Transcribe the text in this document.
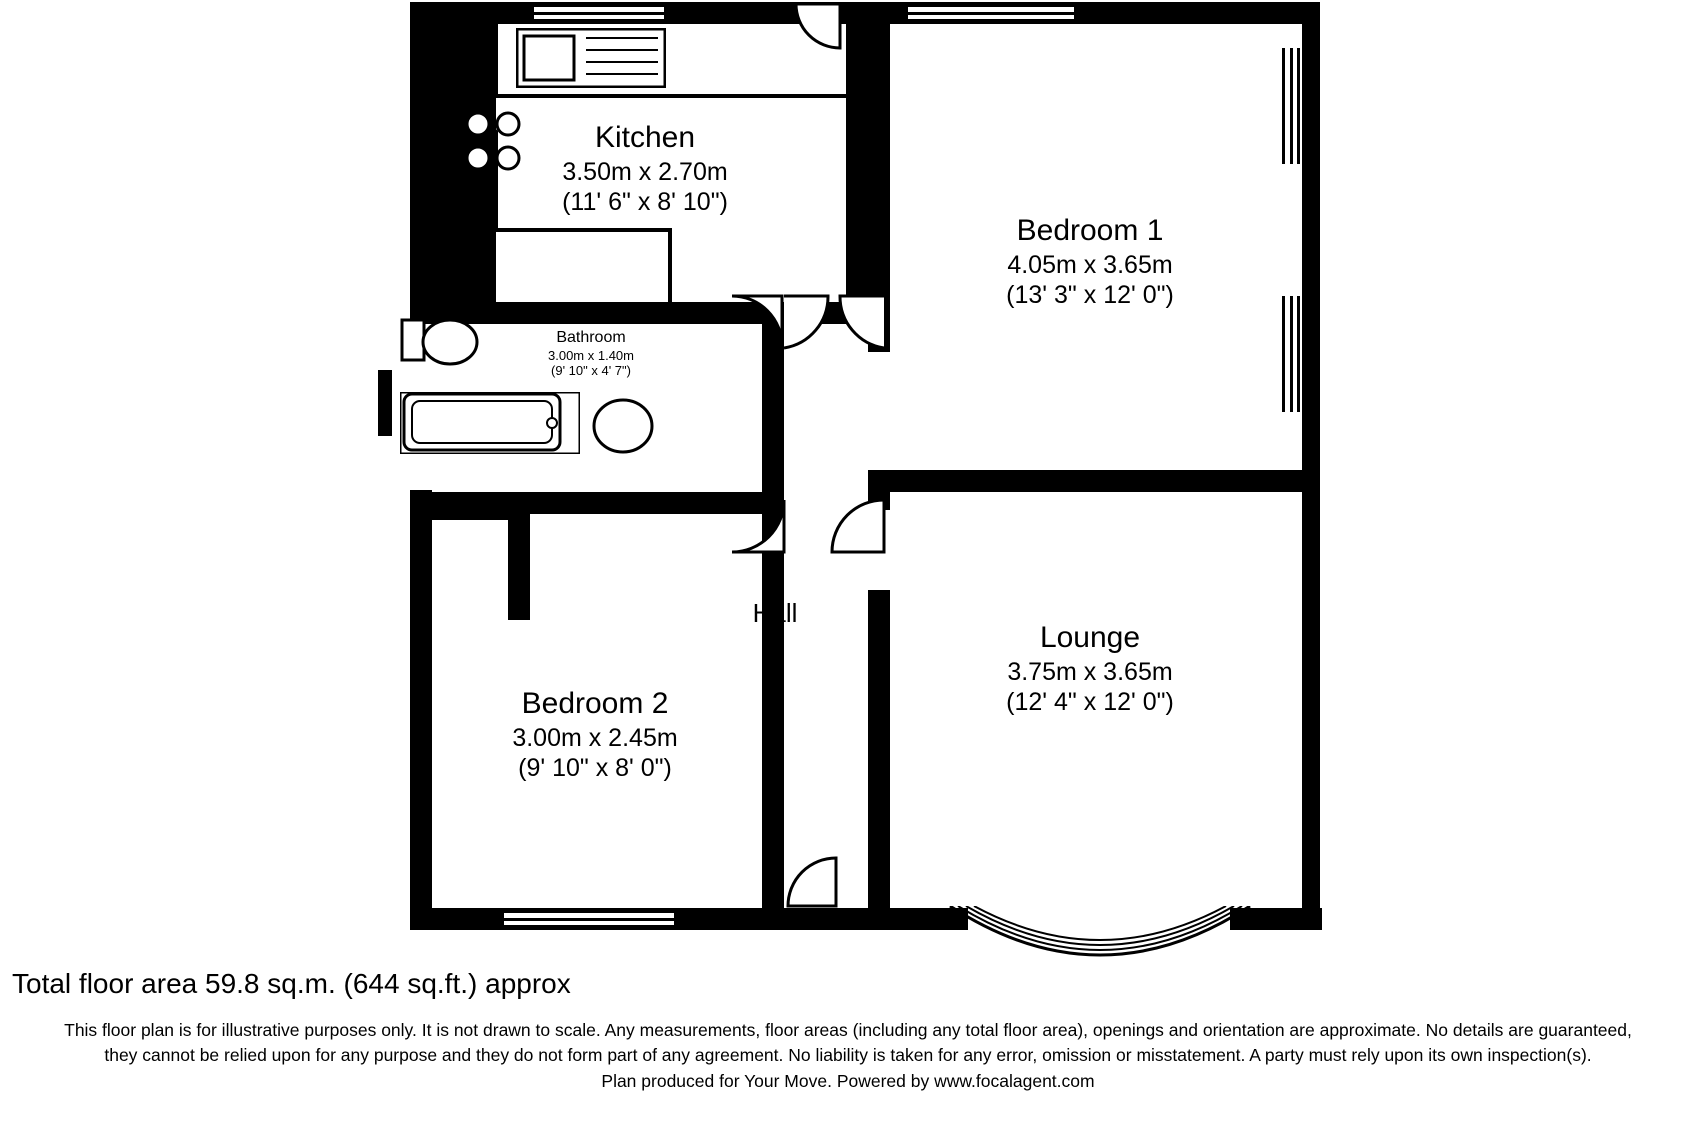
Kitchen
3.50m x 2.70m
(11' 6" x 8' 10")
Bedroom 1
4.05m x 3.65m
(13' 3" x 12' 0")
Bathroom
3.00m x 1.40m
(9' 10" x 4' 7")
Hall
Lounge
3.75m x 3.65m
(12' 4" x 12' 0")
Bedroom 2
3.00m x 2.45m
(9' 10" x 8' 0")
Total floor area 59.8 sq.m. (644 sq.ft.) approx
This floor plan is for illustrative purposes only. It is not drawn to scale. Any measurements, floor areas (including any total floor area), openings and orientation are approximate. No details are guaranteed,
they cannot be relied upon for any purpose and they do not form part of any agreement. No liability is taken for any error, omission or misstatement. A party must rely upon its own inspection(s).
Plan produced for Your Move. Powered by www.focalagent.com
